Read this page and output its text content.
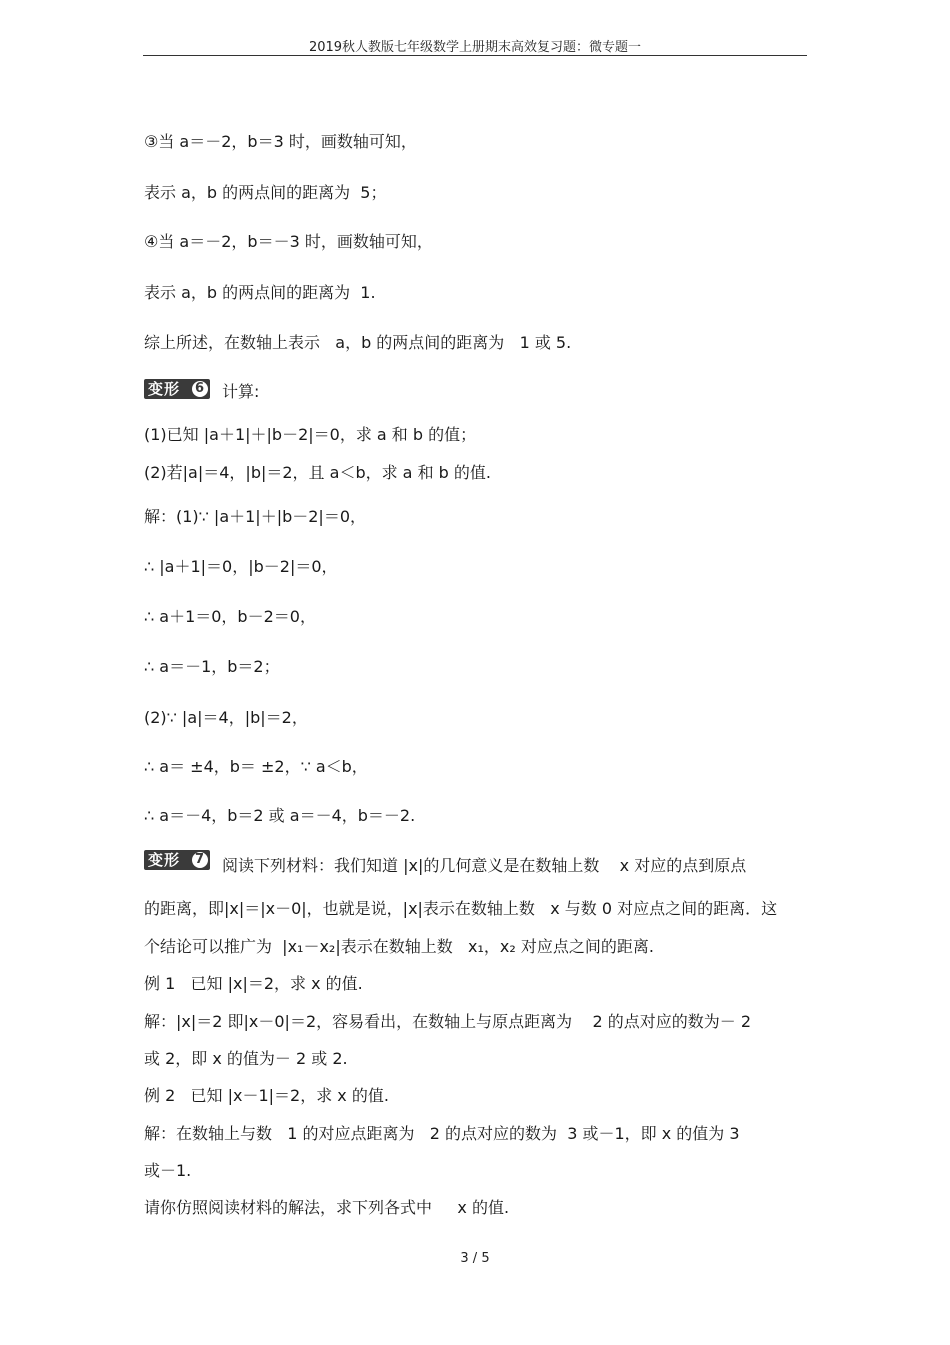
2019秋人教版七年级数学上册期末高效复习题：微专题一
③当 a＝－2，b＝3 时，画数轴可知，
表示 a，b 的两点间的距离为  5；
④当 a＝－2，b＝－3 时，画数轴可知，
表示 a，b 的两点间的距离为  1.
综上所述，在数轴上表示   a，b 的两点间的距离为   1 或 5.
变形 6 计算:
(1)已知 |a＋1|＋|b－2|＝0，求 a 和 b 的值；
(2)若|a|＝4，|b|＝2，且 a＜b，求 a 和 b 的值.
解：(1)∵ |a＋1|＋|b－2|＝0，
∴ |a＋1|＝0，|b－2|＝0，
∴ a＋1＝0，b－2＝0，
∴ a＝－1，b＝2；
(2)∵ |a|＝4，|b|＝2，
∴ a＝ ±4，b＝ ±2，∵ a＜b，
∴ a＝－4，b＝2 或 a＝－4，b＝－2.
变形 7 阅读下列材料：我们知道 |x|的几何意义是在数轴上数    x 对应的点到原点
的距离，即|x|＝|x－0|，也就是说，|x|表示在数轴上数   x 与数 0 对应点之间的距离．这
个结论可以推广为  |x₁－x₂|表示在数轴上数   x₁，x₂ 对应点之间的距离.
例 1   已知 |x|＝2，求 x 的值.
解：|x|＝2 即|x－0|＝2，容易看出，在数轴上与原点距离为    2 的点对应的数为－ 2
或 2，即 x 的值为－ 2 或 2.
例 2   已知 |x－1|＝2，求 x 的值.
解：在数轴上与数   1 的对应点距离为   2 的点对应的数为  3 或－1，即 x 的值为 3
或－1.
请你仿照阅读材料的解法，求下列各式中     x 的值.
3 / 5
